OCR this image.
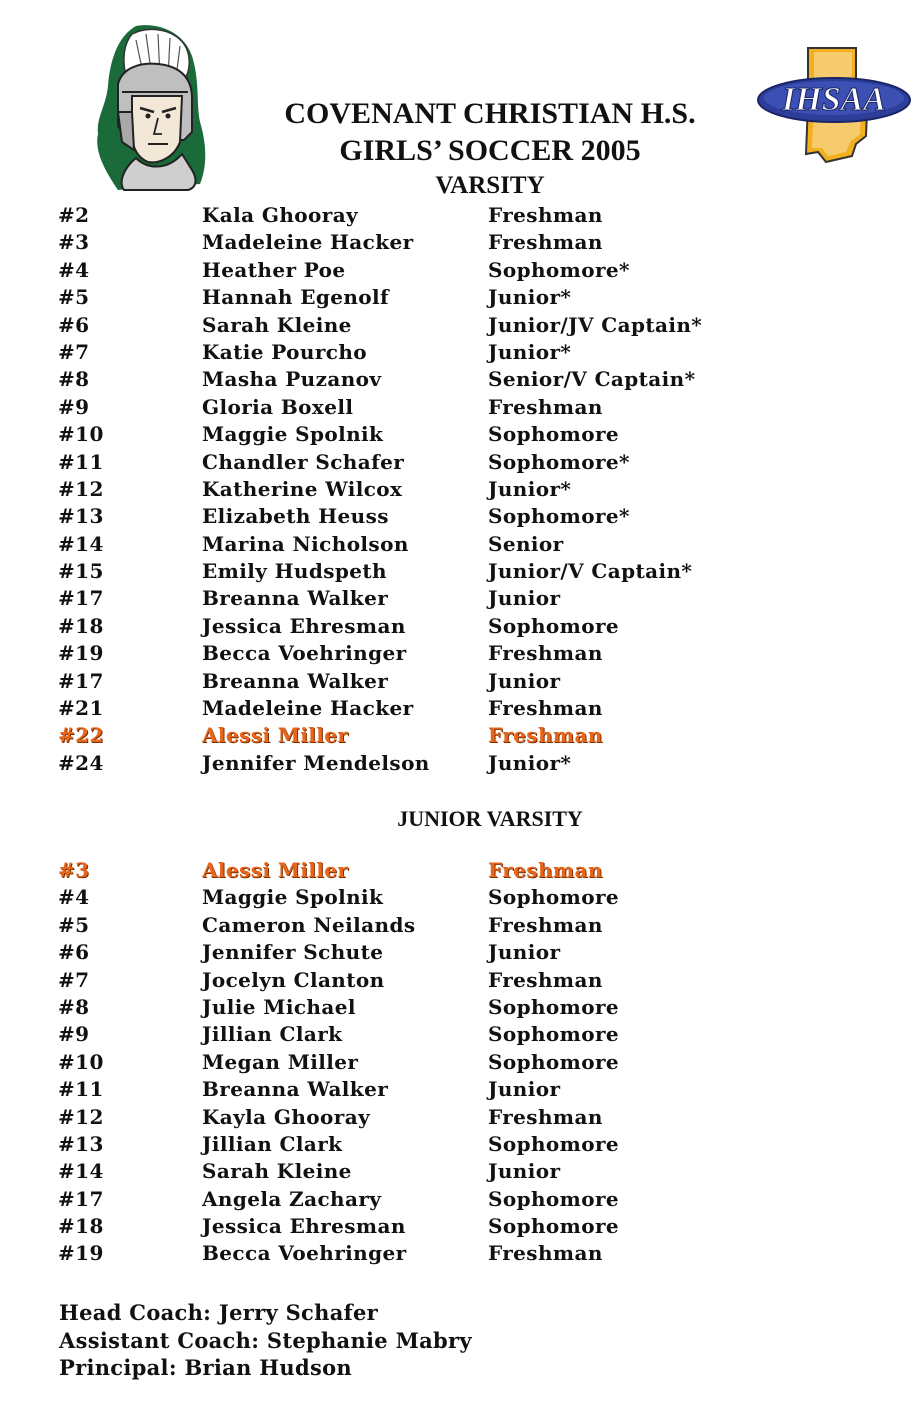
IHSAA
COVENANT CHRISTIAN H.S.
GIRLS’ SOCCER 2005
VARSITY
#2	Kala Ghooray	Freshman
#3	Madeleine Hacker	Freshman
#4	Heather Poe	Sophomore*
#5	Hannah Egenolf	Junior*
#6	Sarah Kleine	Junior/JV Captain*
#7	Katie Pourcho	Junior*
#8	Masha Puzanov	Senior/V Captain*
#9	Gloria Boxell	Freshman
#10	Maggie Spolnik	Sophomore
#11	Chandler Schafer	Sophomore*
#12	Katherine Wilcox	Junior*
#13	Elizabeth Heuss	Sophomore*
#14	Marina Nicholson	Senior
#15	Emily Hudspeth	Junior/V Captain*
#17	Breanna Walker	Junior
#18	Jessica Ehresman	Sophomore
#19	Becca Voehringer	Freshman
#17	Breanna Walker	Junior
#21	Madeleine Hacker	Freshman
#22	Alessi Miller	Freshman
#24	Jennifer Mendelson	Junior*
JUNIOR VARSITY
#3	Alessi Miller	Freshman
#4	Maggie Spolnik	Sophomore
#5	Cameron Neilands	Freshman
#6	Jennifer Schute	Junior
#7	Jocelyn Clanton	Freshman
#8	Julie Michael	Sophomore
#9	Jillian Clark	Sophomore
#10	Megan Miller	Sophomore
#11	Breanna Walker	Junior
#12	Kayla Ghooray	Freshman
#13	Jillian Clark	Sophomore
#14	Sarah Kleine	Junior
#17	Angela Zachary	Sophomore
#18	Jessica Ehresman	Sophomore
#19	Becca Voehringer	Freshman
Head Coach: Jerry Schafer
Assistant Coach: Stephanie Mabry
Principal: Brian Hudson
